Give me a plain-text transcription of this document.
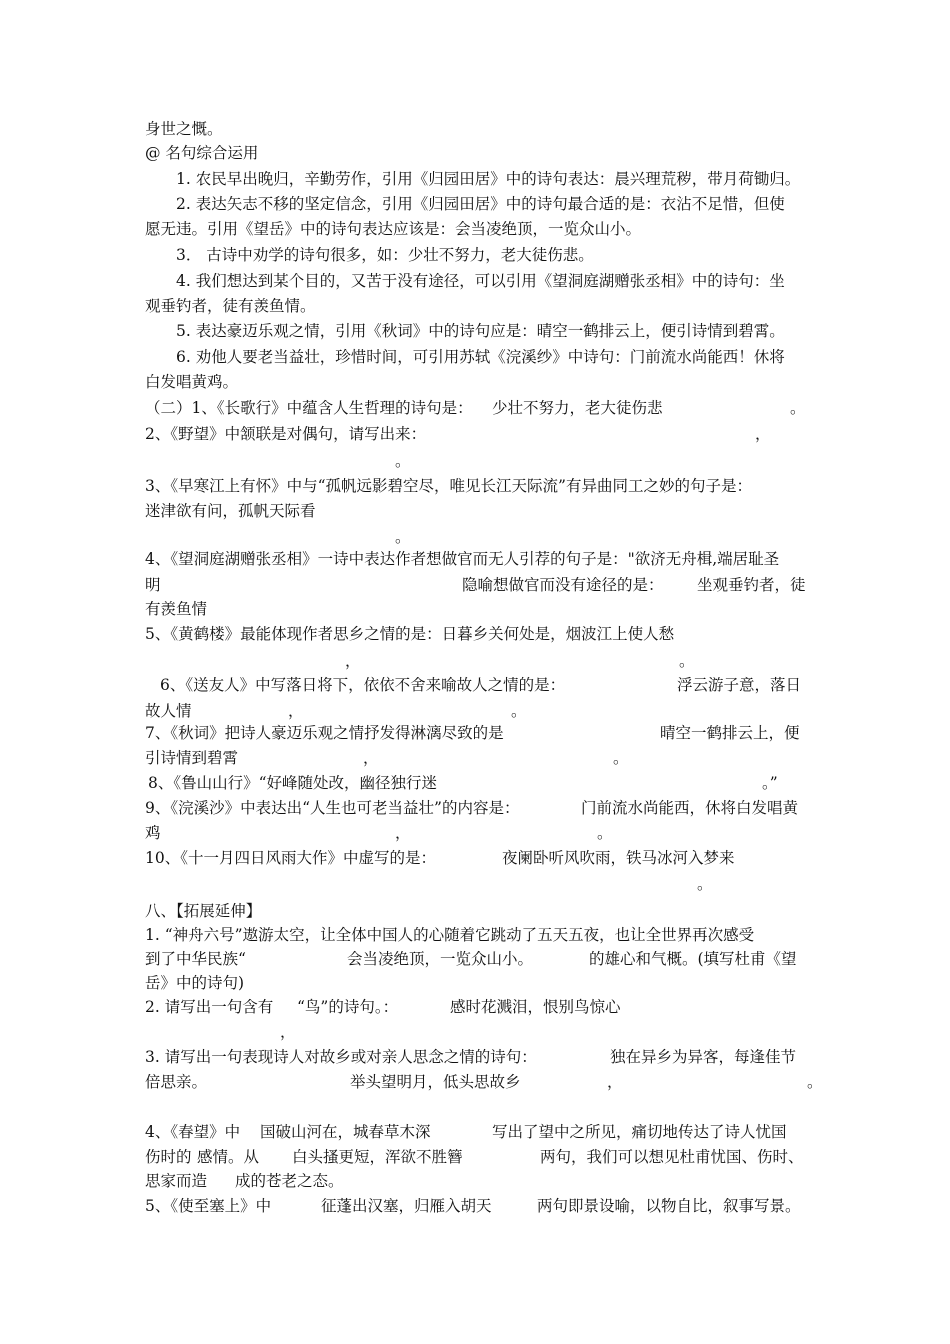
身世之慨。
@ 名句综合运用
1. 农民早出晚归，辛勤劳作，引用《归园田居》中的诗句表达：晨兴理荒秽，带月荷锄归。
2. 表达矢志不移的坚定信念，引用《归园田居》中的诗句最合适的是：衣沾不足惜，但使
愿无违。引用《望岳》中的诗句表达应该是：会当凌绝顶，一览众山小。
3． 古诗中劝学的诗句很多，如：少壮不努力，老大徒伤悲。
4. 我们想达到某个目的，又苦于没有途径，可以引用《望洞庭湖赠张丞相》中的诗句：坐
观垂钓者，徒有羡鱼情。
5. 表达豪迈乐观之情，引用《秋词》中的诗句应是：晴空一鹤排云上，便引诗情到碧霄。
6. 劝他人要老当益壮，珍惜时间，可引用苏轼《浣溪纱》中诗句：门前流水尚能西！休将
白发唱黄鸡。
（二）1、《长歌行》中蕴含人生哲理的诗句是： 少壮不努力，老大徒伤悲	。
2、《野望》中颔联是对偶句，请写出来：	，
。
3、《早寒江上有怀》中与“孤帆远影碧空尽，唯见长江天际流”有异曲同工之妙的句子是：
迷津欲有问，孤帆天际看
。
4、《望洞庭湖赠张丞相》一诗中表达作者想做官而无人引荐的句子是："欲济无舟楫,端居耻圣
明	隐喻想做官而没有途径的是： 坐观垂钓者，徒
有羡鱼情
5、《黄鹤楼》最能体现作者思乡之情的是：日暮乡关何处是，烟波江上使人愁
，	。
6、《送友人》中写落日将下，依依不舍来喻故人之情的是：	浮云游子意，落日
故人情	，	。
7、《秋词》把诗人豪迈乐观之情抒发得淋漓尽致的是	晴空一鹤排云上，便
引诗情到碧霄	，	。
8、《鲁山山行》“好峰随处改，幽径独行迷	。”
9、《浣溪沙》中表达出“人生也可老当益壮”的内容是：	门前流水尚能西，休将白发唱黄
鸡	，	。
10、《十一月四日风雨大作》中虚写的是：	夜阑卧听风吹雨，铁马冰河入梦来
。
八、【拓展延伸】
1. “神舟六号”遨游太空，让全体中国人的心随着它跳动了五天五夜，也让全世界再次感受
到了中华民族“	会当凌绝顶，一览众山小。	的雄心和气概。(填写杜甫《望
岳》中的诗句)
2. 请写出一句含有 “鸟”的诗句。：	感时花溅泪，恨别鸟惊心
，
3. 请写出一句表现诗人对故乡或对亲人思念之情的诗句：	独在异乡为异客，每逢佳节
倍思亲。	举头望明月，低头思故乡	，	。
4、《春望》中 国破山河在，城春草木深	写出了望中之所见，痛切地传达了诗人忧国
伤时的 感情。从 白头搔更短，浑欲不胜簪	两句，我们可以想见杜甫忧国、伤时、
思家而造 成的苍老之态。
5、《使至塞上》中	征蓬出汉塞，归雁入胡天	两句即景设喻，以物自比，叙事写景。
